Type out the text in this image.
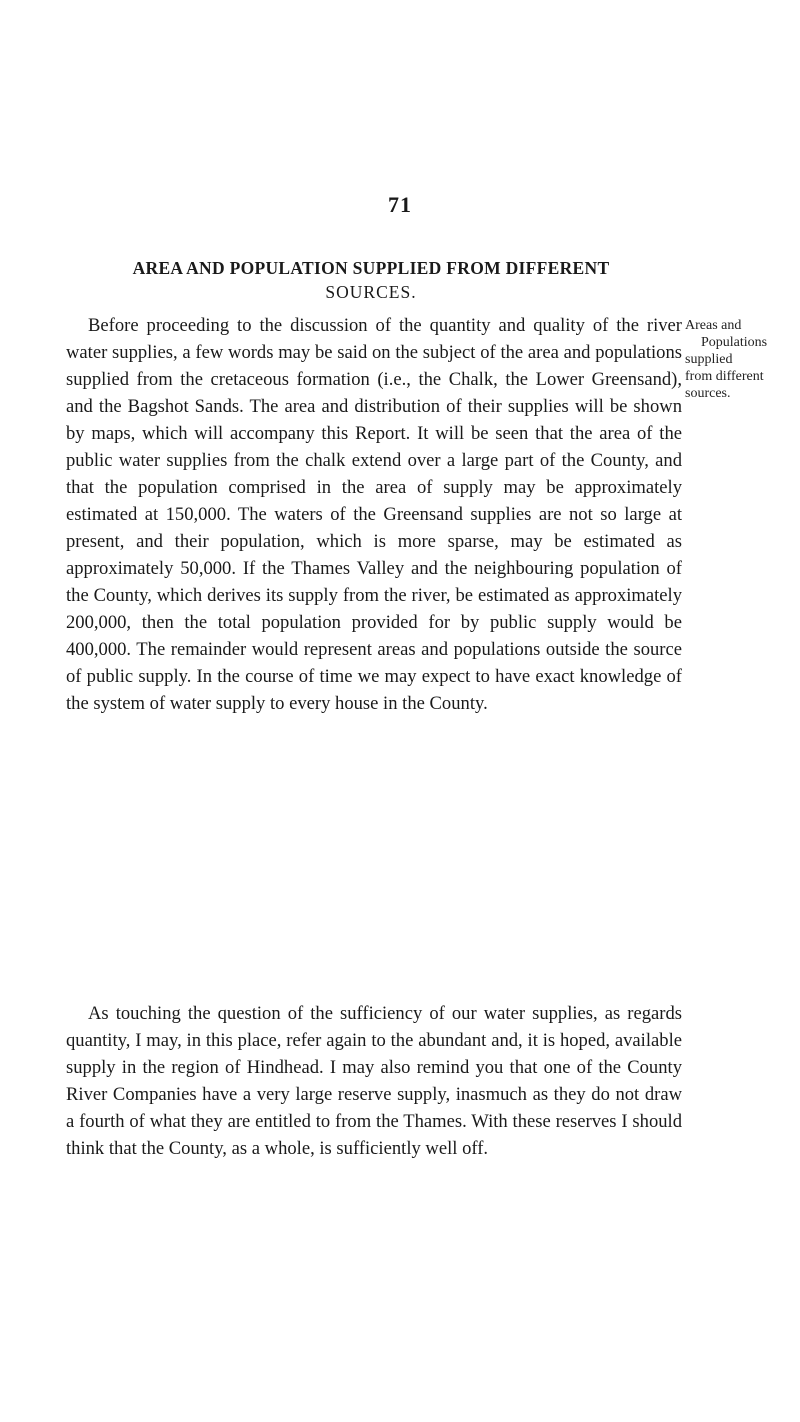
71
AREA AND POPULATION SUPPLIED FROM DIFFERENT
SOURCES.
Areas and
Populations
supplied
from different
sources.

Before proceeding to the discussion of the quantity and quality of the river water supplies, a few words may be said on the subject of the area and populations supplied from the cretaceous formation (i.e., the Chalk, the Lower Greensand), and the Bagshot Sands. The area and distribution of their supplies will be shown by maps, which will accompany this Report. It will be seen that the area of the public water supplies from the chalk extend over a large part of the County, and that the population comprised in the area of supply may be approximately estimated at 150,000. The waters of the Greensand supplies are not so large at present, and their population, which is more sparse, may be estimated as approximately 50,000. If the Thames Valley and the neighbouring population of the County, which derives its supply from the river, be estimated as approximately 200,000, then the total population provided for by public supply would be 400,000. The remainder would represent areas and populations outside the source of public supply. In the course of time we may expect to have exact knowledge of the system of water supply to every house in the County.

As touching the question of the sufficiency of our water supplies, as regards quantity, I may, in this place, refer again to the abundant and, it is hoped, available supply in the region of Hindhead. I may also remind you that one of the County River Companies have a very large reserve supply, inasmuch as they do not draw a fourth of what they are entitled to from the Thames. With these reserves I should think that the County, as a whole, is sufficiently well off.
